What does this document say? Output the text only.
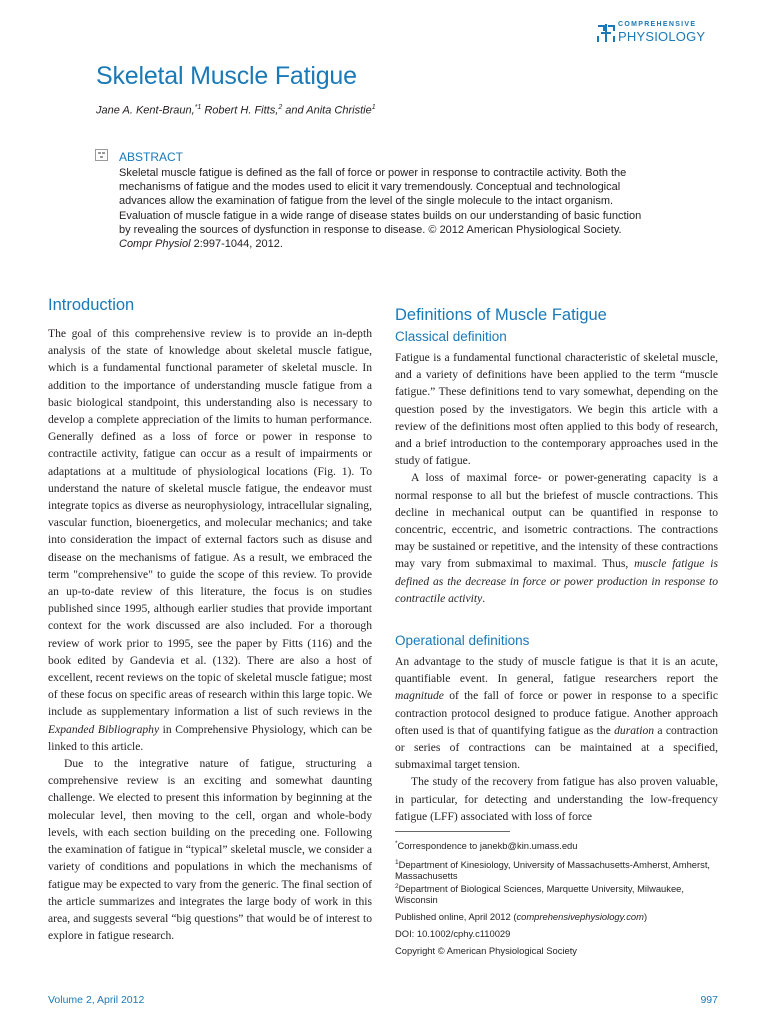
COMPREHENSIVE
PHYSIOLOGY
Skeletal Muscle Fatigue
Jane A. Kent-Braun,$^{*1}$ Robert H. Fitts,$^2$ and Anita Christie$^1$
ABSTRACT

Skeletal muscle fatigue is defined as the fall of force or power in response to contractile activity. Both the mechanisms of fatigue and the modes used to elicit it vary tremendously. Conceptual and technological advances allow the examination of fatigue from the level of the single molecule to the intact organism. Evaluation of muscle fatigue in a wide range of disease states builds on our understanding of basic function by revealing the sources of dysfunction in response to disease. © 2012 American Physiological Society. Compr Physiol 2:997-1044, 2012.

Introduction

The goal of this comprehensive review is to provide an in-depth analysis of the state of knowledge about skeletal muscle fatigue, which is a fundamental functional parameter of skeletal muscle. In addition to the importance of understanding muscle fatigue from a basic biological standpoint, this understanding also is necessary to develop a complete appreciation of the limits to human performance. Generally defined as a loss of force or power in response to contractile activity, fatigue can occur as a result of impairments or adaptations at a multitude of physiological locations (Fig. 1). To understand the nature of skeletal muscle fatigue, the endeavor must integrate topics as diverse as neurophysiology, intracellular signaling, vascular function, bioenergetics, and molecular mechanics; and take into consideration the impact of external factors such as disuse and disease on the mechanisms of fatigue. As a result, we embraced the term "comprehensive" to guide the scope of this review. To provide an up-to-date review of this literature, the focus is on studies published since 1995, although earlier studies that provide important context for the work discussed are also included. For a thorough review of work prior to 1995, see the paper by Fitts (116) and the book edited by Gandevia et al. (132). There are also a host of excellent, recent reviews on the topic of skeletal muscle fatigue; most of these focus on specific areas of research within this large topic. We include as supplementary information a list of such reviews in the Expanded Bibliography in Comprehensive Physiology, which can be linked to this article.

Due to the integrative nature of fatigue, structuring a comprehensive review is an exciting and somewhat daunting challenge. We elected to present this information by beginning at the molecular level, then moving to the cell, organ and whole-body levels, with each section building on the preceding one. Following the examination of fatigue in “typical” skeletal muscle, we consider a variety of conditions and populations in which the mechanisms of fatigue may be expected to vary from the generic. The final section of the article summarizes and integrates the large body of work in this area, and suggests several “big questions” that would be of interest to explore in fatigue research.

Definitions of Muscle Fatigue
Classical definition

Fatigue is a fundamental functional characteristic of skeletal muscle, and a variety of definitions have been applied to the term “muscle fatigue.” These definitions tend to vary somewhat, depending on the question posed by the investigators. We begin this article with a review of the definitions most often applied to this body of research, and a brief introduction to the contemporary approaches used in the study of fatigue.

A loss of maximal force- or power-generating capacity is a normal response to all but the briefest of muscle contractions. This decline in mechanical output can be quantified in response to concentric, eccentric, and isometric contractions. The contractions may be sustained or repetitive, and the intensity of these contractions may vary from submaximal to maximal. Thus, muscle fatigue is defined as the decrease in force or power production in response to contractile activity.

Operational definitions

An advantage to the study of muscle fatigue is that it is an acute, quantifiable event. In general, fatigue researchers report the magnitude of the fall of force or power in response to a specific contraction protocol designed to produce fatigue. Another approach often used is that of quantifying fatigue as the duration a contraction or series of contractions can be maintained at a specified, submaximal target tension.

The study of the recovery from fatigue has also proven valuable, in particular, for detecting and understanding the low-frequency fatigue (LFF) associated with loss of force

*Correspondence to janekb@kin.umass.edu
$^1$Department of Kinesiology, University of Massachusetts-Amherst, Amherst, Massachusetts
$^2$Department of Biological Sciences, Marquette University, Milwaukee, Wisconsin
Published online, April 2012 (comprehensivephysiology.com)
DOI: 10.1002/cphy.c110029
Copyright © American Physiological Society
Volume 2, April 2012	997
